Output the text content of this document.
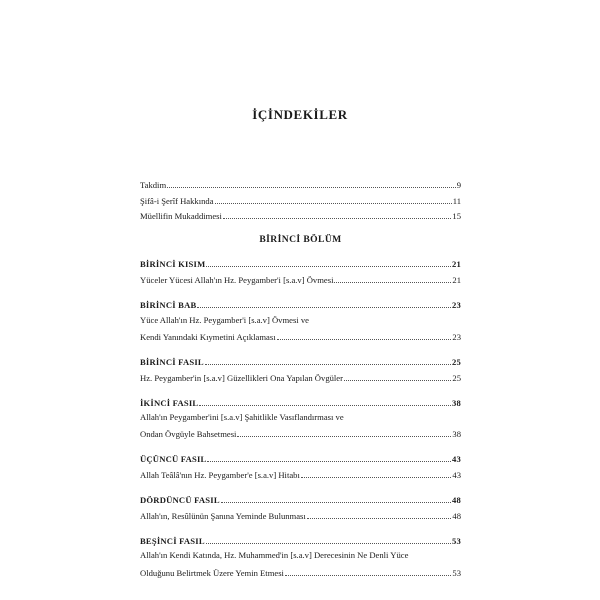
İÇİNDEKİLER
Takdim	9
Şifâ-i Şerîf Hakkında	11
Müellifin Mukaddimesi	15
BİRİNCİ BÖLÜM
BİRİNCİ KISIM	21
Yüceler Yücesi Allah'ın Hz. Peygamber'i [s.a.v] Övmesi	21
BİRİNCİ BAB	23
Yüce Allah'ın Hz. Peygamber'i [s.a.v] Övmesi ve
Kendi Yanındaki Kıymetini Açıklaması	23
BİRİNCİ FASIL	25
Hz. Peygamber'in [s.a.v] Güzellikleri Ona Yapılan Övgüler	25
İKİNCİ FASIL	38
Allah'ın Peygamber'ini [s.a.v] Şahitlikle Vasıflandırması ve
Ondan Övgüyle Bahsetmesi	38
ÜÇÜNCÜ FASIL	43
Allah Teâlâ'nın Hz. Peygamber'e [s.a.v] Hitabı	43
DÖRDÜNCÜ FASIL	48
Allah'ın, Resûlünün Şanına Yeminde Bulunması	48
BEŞİNCİ FASIL	53
Allah'ın Kendi Katında, Hz. Muhammed'in [s.a.v] Derecesinin Ne Denli Yüce
Olduğunu Belirtmek Üzere Yemin Etmesi	53
